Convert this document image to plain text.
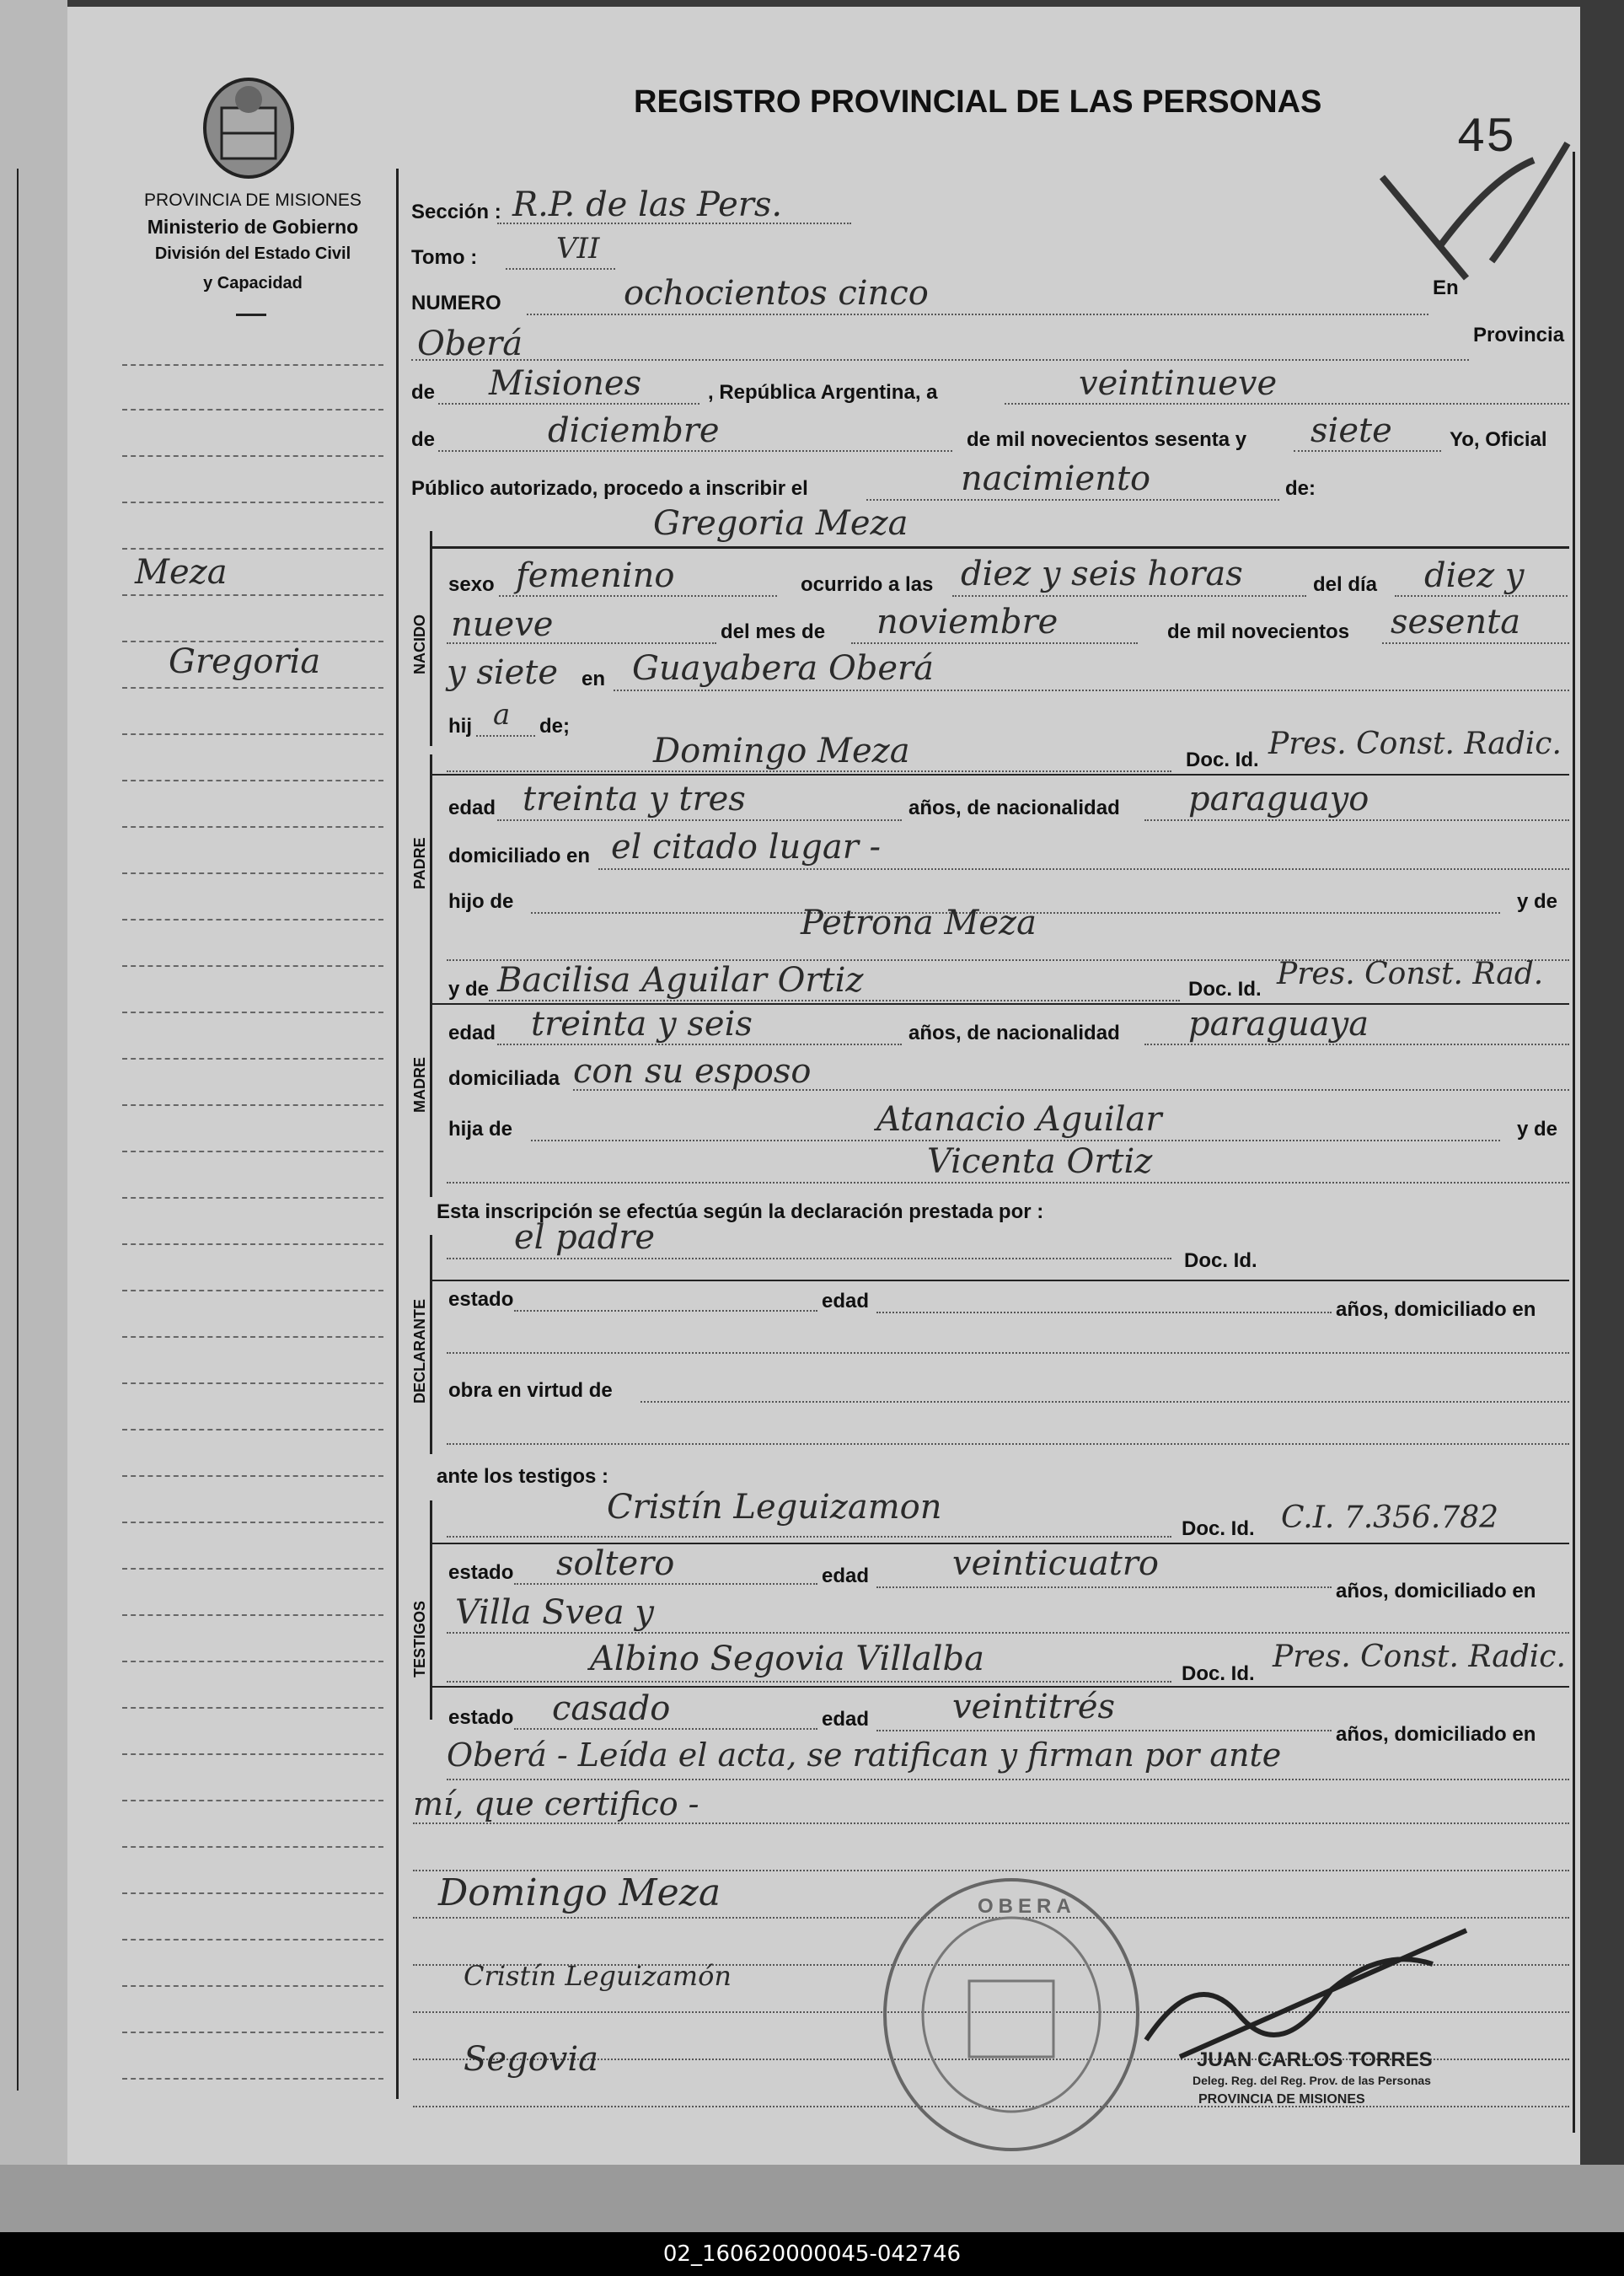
PROVINCIA DE MISIONES
Ministerio de Gobierno
División del Estado Civil
y Capacidad
REGISTRO PROVINCIAL DE LAS PERSONAS
45
Meza
Gregoria
Sección : R.P. de las Pers.
Tomo :	VII
NUMERO	ochocientos cinco	En
Oberá	Provincia
de Misiones	, República Argentina, a	veintinueve
de	diciembre	de mil novecientos sesenta y siete	Yo, Oficial
Público autorizado, procedo a inscribir el	nacimiento	de:
NACIDO
Gregoria Meza
sexo femenino	ocurrido a las diez y seis horas	del día diez y
nueve	del mes de noviembre	de mil novecientos sesenta
y siete en Guayabera Oberá
hij a de;
PADRE
Domingo Meza	Doc. Id. Pres. Const. Radic.
edad treinta y tres	años, de nacionalidad paraguayo
domiciliado en el citado lugar -
hijo de	y de
Petrona Meza
MADRE
y de Bacilisa Aguilar Ortiz	Doc. Id. Pres. Const. Rad.
edad treinta y seis	años, de nacionalidad paraguaya
domiciliada con su esposo
hija de	Atanacio Aguilar	y de
Vicenta Ortiz
Esta inscripción se efectúa según la declaración prestada por :
DECLARANTE
el padre
Doc. Id.
estado	edad	años, domiciliado en
obra en virtud de
ante los testigos :
TESTIGOS
Cristín Leguizamon
Doc. Id. C.I. 7.356.782
estado soltero	edad veinticuatro
años, domiciliado en
Villa Svea y
Albino Segovia Villalba	Doc. Id. Pres. Const. Radic.
estado casado	edad veintitrés
años, domiciliado en
Oberá - Leída el acta, se ratifican y firman por ante
mí, que certifico -
Domingo Meza
Cristín Leguizamón
Segovia
OBERA
JUAN CARLOS TORRES
Deleg. Reg. del Reg. Prov. de las Personas
PROVINCIA DE MISIONES
02_160620000045-042746
